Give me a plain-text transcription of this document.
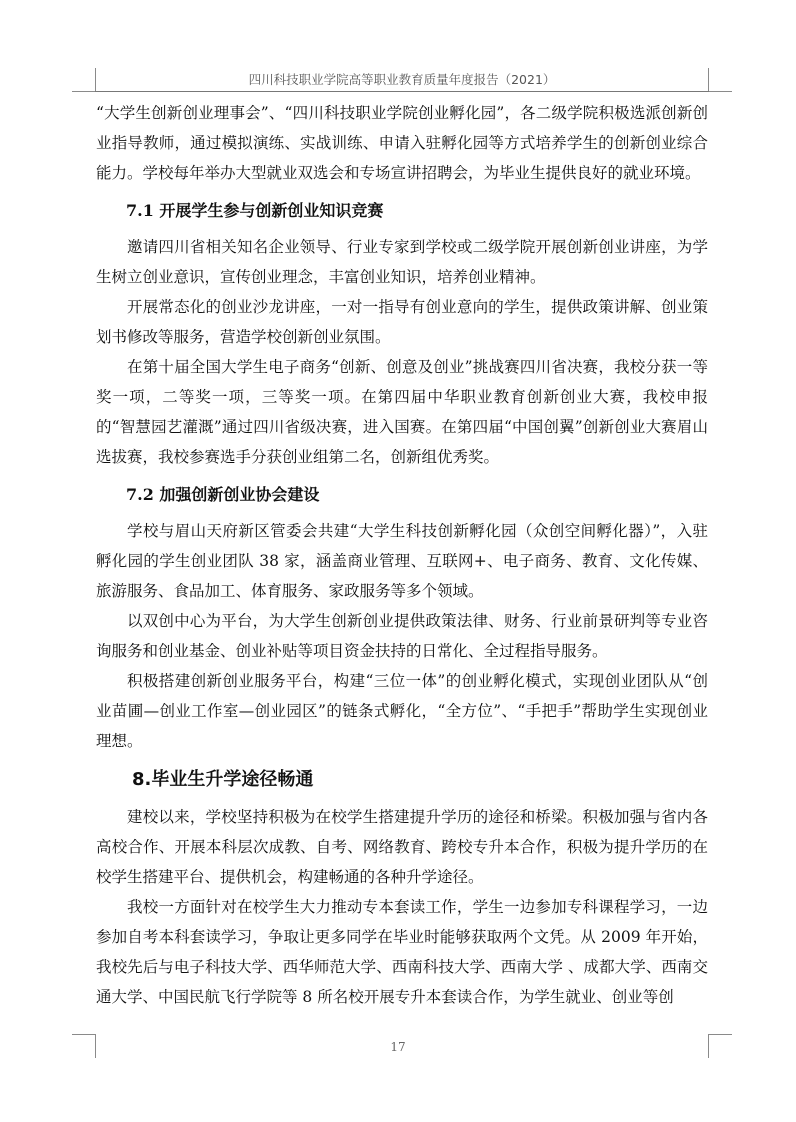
四川科技职业学院高等职业教育质量年度报告（2021）

“大学生创新创业理事会”、“四川科技职业学院创业孵化园”，各二级学院积极选派创新创业指导教师，通过模拟演练、实战训练、申请入驻孵化园等方式培养学生的创新创业综合能力。学校每年举办大型就业双选会和专场宣讲招聘会，为毕业生提供良好的就业环境。

7.1 开展学生参与创新创业知识竞赛

邀请四川省相关知名企业领导、行业专家到学校或二级学院开展创新创业讲座，为学生树立创业意识，宣传创业理念，丰富创业知识，培养创业精神。

开展常态化的创业沙龙讲座，一对一指导有创业意向的学生，提供政策讲解、创业策划书修改等服务，营造学校创新创业氛围。

在第十届全国大学生电子商务“创新、创意及创业”挑战赛四川省决赛，我校分获一等奖一项，二等奖一项，三等奖一项。在第四届中华职业教育创新创业大赛，我校申报的“智慧园艺灌溉”通过四川省级决赛，进入国赛。在第四届“中国创翼”创新创业大赛眉山选拔赛，我校参赛选手分获创业组第二名，创新组优秀奖。

7.2 加强创新创业协会建设

学校与眉山天府新区管委会共建“大学生科技创新孵化园（众创空间孵化器）”，入驻孵化园的学生创业团队 38 家，涵盖商业管理、互联网+、电子商务、教育、文化传媒、旅游服务、食品加工、体育服务、家政服务等多个领域。

以双创中心为平台，为大学生创新创业提供政策法律、财务、行业前景研判等专业咨询服务和创业基金、创业补贴等项目资金扶持的日常化、全过程指导服务。

积极搭建创新创业服务平台，构建“三位一体”的创业孵化模式，实现创业团队从“创业苗圃—创业工作室—创业园区”的链条式孵化，“全方位”、“手把手”帮助学生实现创业理想。

8.毕业生升学途径畅通

建校以来，学校坚持积极为在校学生搭建提升学历的途径和桥梁。积极加强与省内各高校合作、开展本科层次成教、自考、网络教育、跨校专升本合作，积极为提升学历的在校学生搭建平台、提供机会，构建畅通的各种升学途径。

我校一方面针对在校学生大力推动专本套读工作，学生一边参加专科课程学习，一边参加自考本科套读学习，争取让更多同学在毕业时能够获取两个文凭。从 2009 年开始，我校先后与电子科技大学、西华师范大学、西南科技大学、西南大学 、成都大学、西南交通大学、中国民航飞行学院等 8 所名校开展专升本套读合作，为学生就业、创业等创

17
